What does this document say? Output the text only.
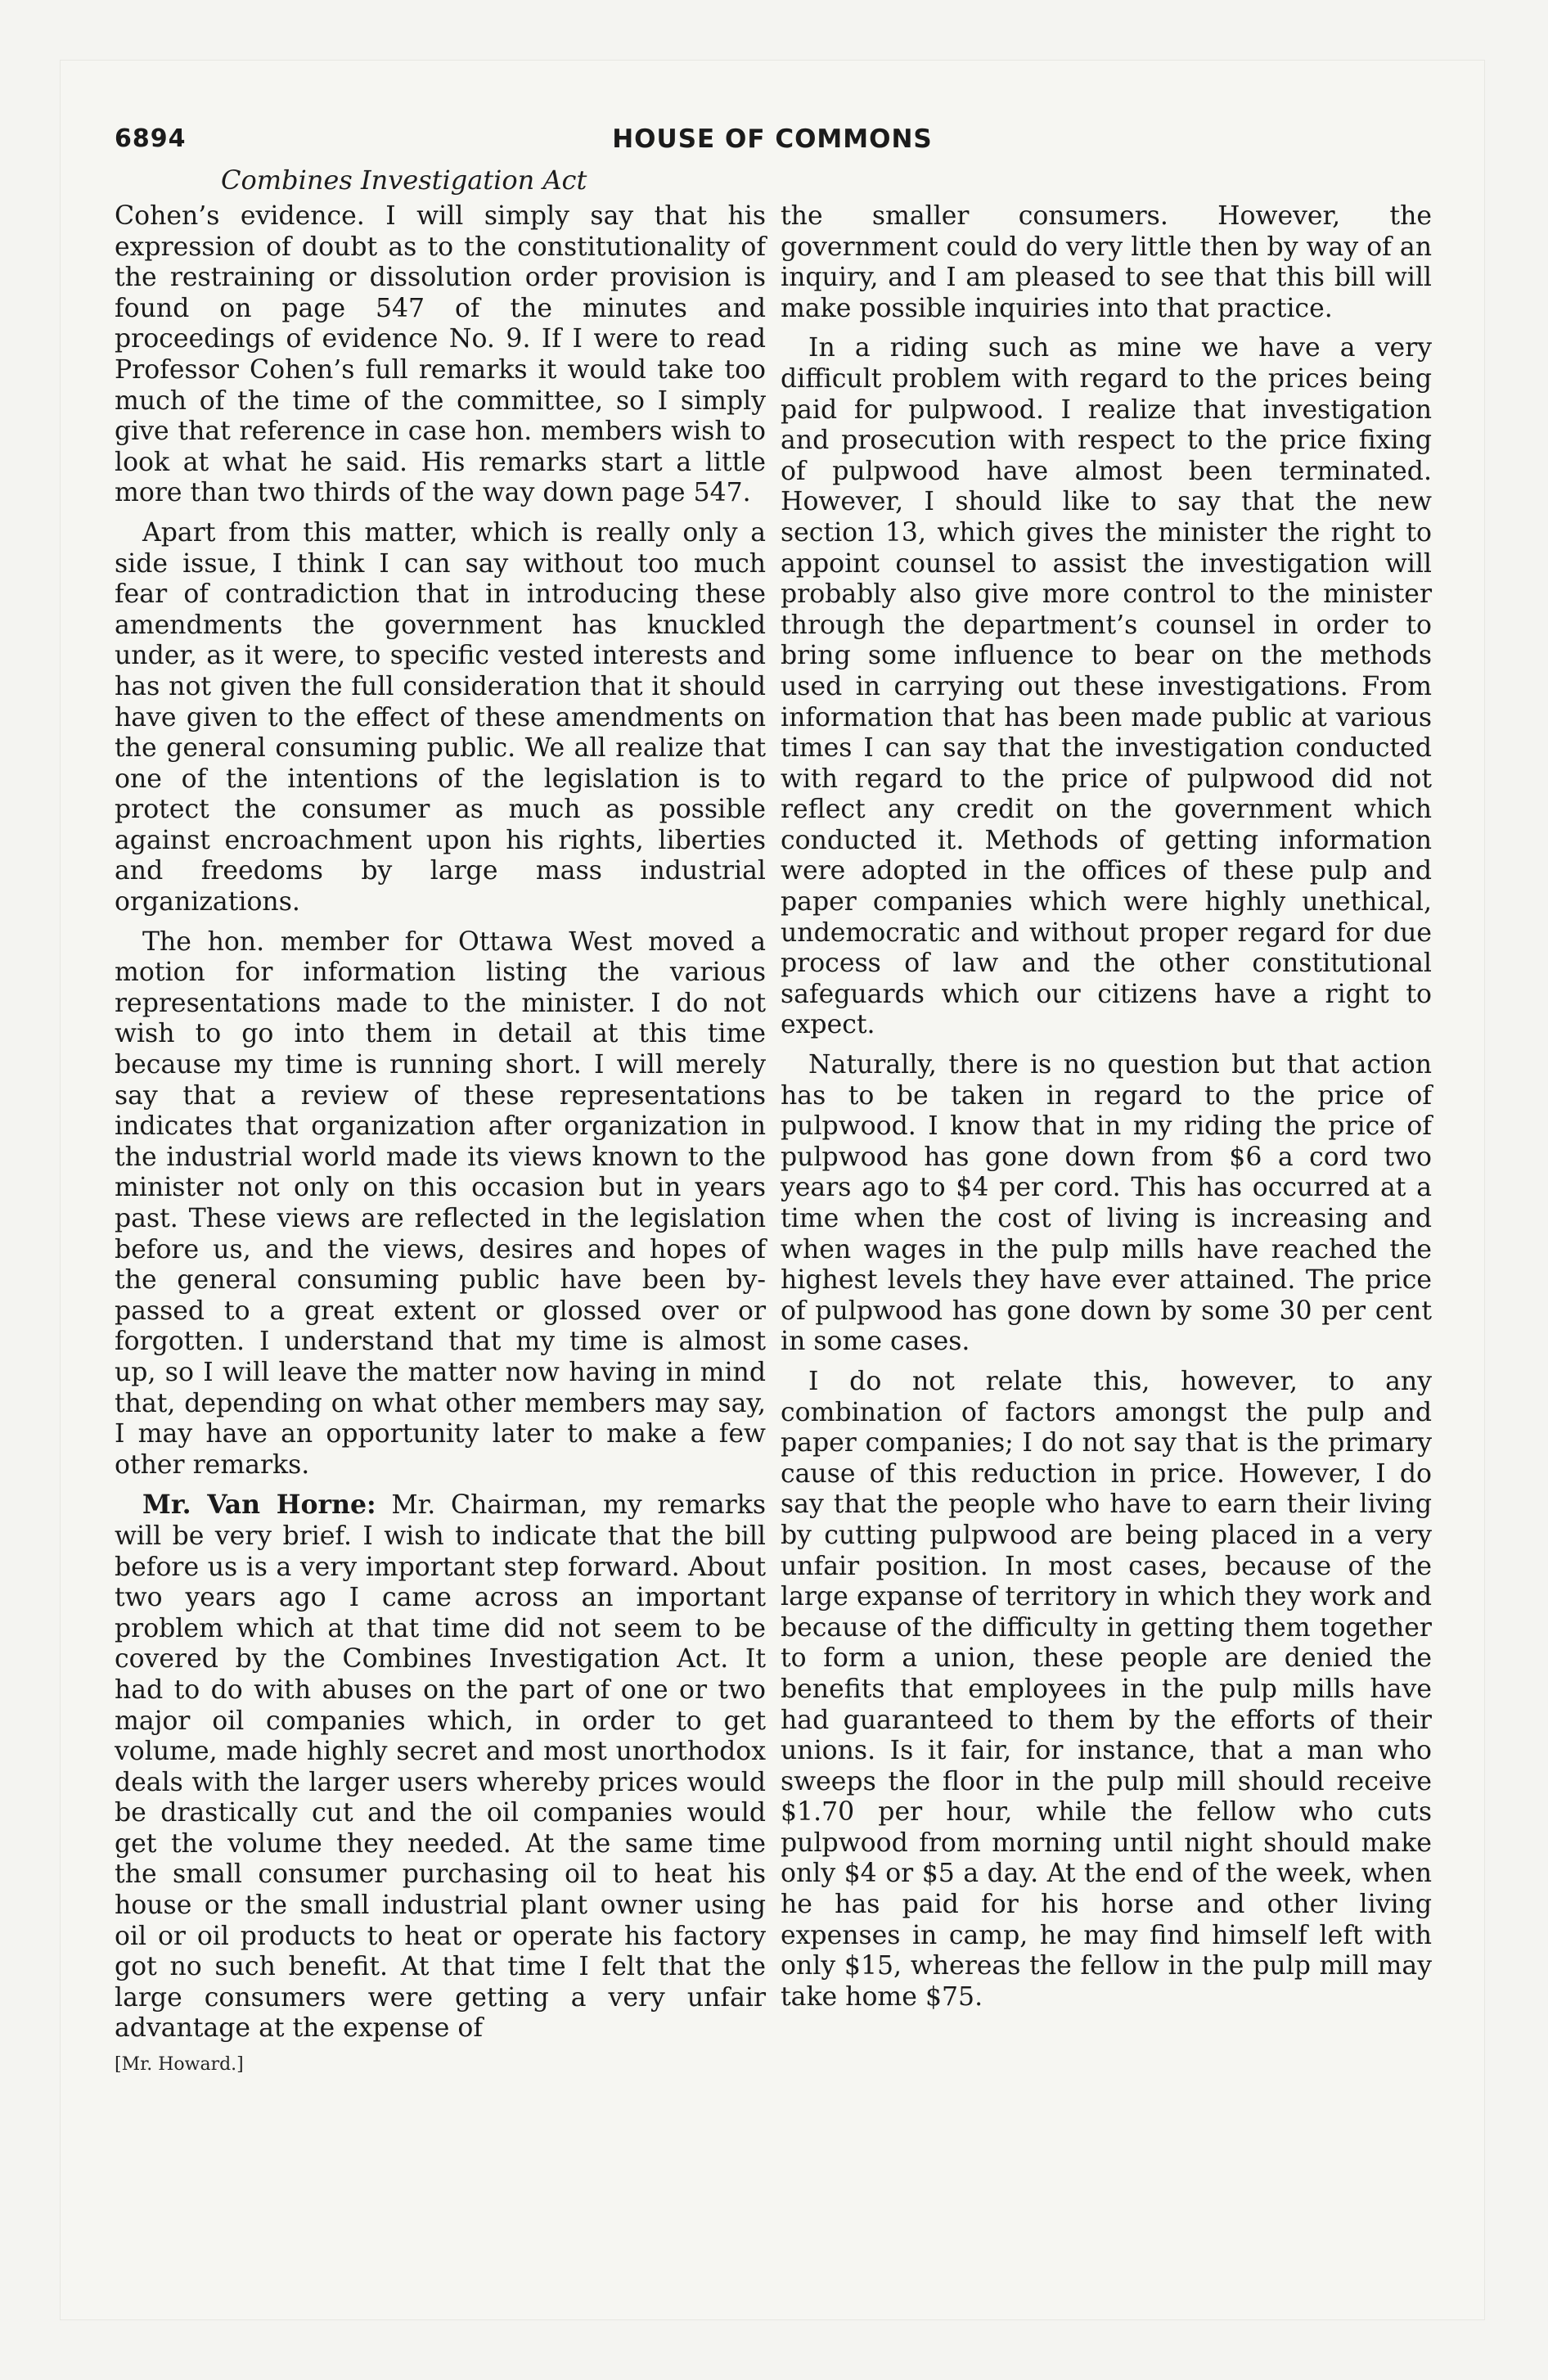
6894	HOUSE OF COMMONS
Combines Investigation Act

Cohen’s evidence. I will simply say that his expression of doubt as to the constitutionality of the restraining or dissolution order provision is found on page 547 of the minutes and proceedings of evidence No. 9. If I were to read Professor Cohen’s full remarks it would take too much of the time of the committee, so I simply give that reference in case hon. members wish to look at what he said. His remarks start a little more than two thirds of the way down page 547.

Apart from this matter, which is really only a side issue, I think I can say without too much fear of contradiction that in introducing these amendments the government has knuckled under, as it were, to specific vested interests and has not given the full consideration that it should have given to the effect of these amendments on the general consuming public. We all realize that one of the intentions of the legislation is to protect the consumer as much as possible against encroachment upon his rights, liberties and freedoms by large mass industrial organizations.

The hon. member for Ottawa West moved a motion for information listing the various representations made to the minister. I do not wish to go into them in detail at this time because my time is running short. I will merely say that a review of these representations indicates that organization after organization in the industrial world made its views known to the minister not only on this occasion but in years past. These views are reflected in the legislation before us, and the views, desires and hopes of the general consuming public have been by-passed to a great extent or glossed over or forgotten. I understand that my time is almost up, so I will leave the matter now having in mind that, depending on what other members may say, I may have an opportunity later to make a few other remarks.

Mr. Van Horne: Mr. Chairman, my remarks will be very brief. I wish to indicate that the bill before us is a very important step forward. About two years ago I came across an important problem which at that time did not seem to be covered by the Combines Investigation Act. It had to do with abuses on the part of one or two major oil companies which, in order to get volume, made highly secret and most unorthodox deals with the larger users whereby prices would be drastically cut and the oil companies would get the volume they needed. At the same time the small consumer purchasing oil to heat his house or the small industrial plant owner using oil or oil products to heat or operate his factory got no such benefit. At that time I felt that the large consumers were getting a very unfair advantage at the expense of

[Mr. Howard.]

the smaller consumers. However, the government could do very little then by way of an inquiry, and I am pleased to see that this bill will make possible inquiries into that practice.

In a riding such as mine we have a very difficult problem with regard to the prices being paid for pulpwood. I realize that investigation and prosecution with respect to the price fixing of pulpwood have almost been terminated. However, I should like to say that the new section 13, which gives the minister the right to appoint counsel to assist the investigation will probably also give more control to the minister through the department’s counsel in order to bring some influence to bear on the methods used in carrying out these investigations. From information that has been made public at various times I can say that the investigation conducted with regard to the price of pulpwood did not reflect any credit on the government which conducted it. Methods of getting information were adopted in the offices of these pulp and paper companies which were highly unethical, undemocratic and without proper regard for due process of law and the other constitutional safeguards which our citizens have a right to expect.

Naturally, there is no question but that action has to be taken in regard to the price of pulpwood. I know that in my riding the price of pulpwood has gone down from $6 a cord two years ago to $4 per cord. This has occurred at a time when the cost of living is increasing and when wages in the pulp mills have reached the highest levels they have ever attained. The price of pulpwood has gone down by some 30 per cent in some cases.

I do not relate this, however, to any combination of factors amongst the pulp and paper companies; I do not say that is the primary cause of this reduction in price. However, I do say that the people who have to earn their living by cutting pulpwood are being placed in a very unfair position. In most cases, because of the large expanse of territory in which they work and because of the difficulty in getting them together to form a union, these people are denied the benefits that employees in the pulp mills have had guaranteed to them by the efforts of their unions. Is it fair, for instance, that a man who sweeps the floor in the pulp mill should receive $1.70 per hour, while the fellow who cuts pulpwood from morning until night should make only $4 or $5 a day. At the end of the week, when he has paid for his horse and other living expenses in camp, he may find himself left with only $15, whereas the fellow in the pulp mill may take home $75.
